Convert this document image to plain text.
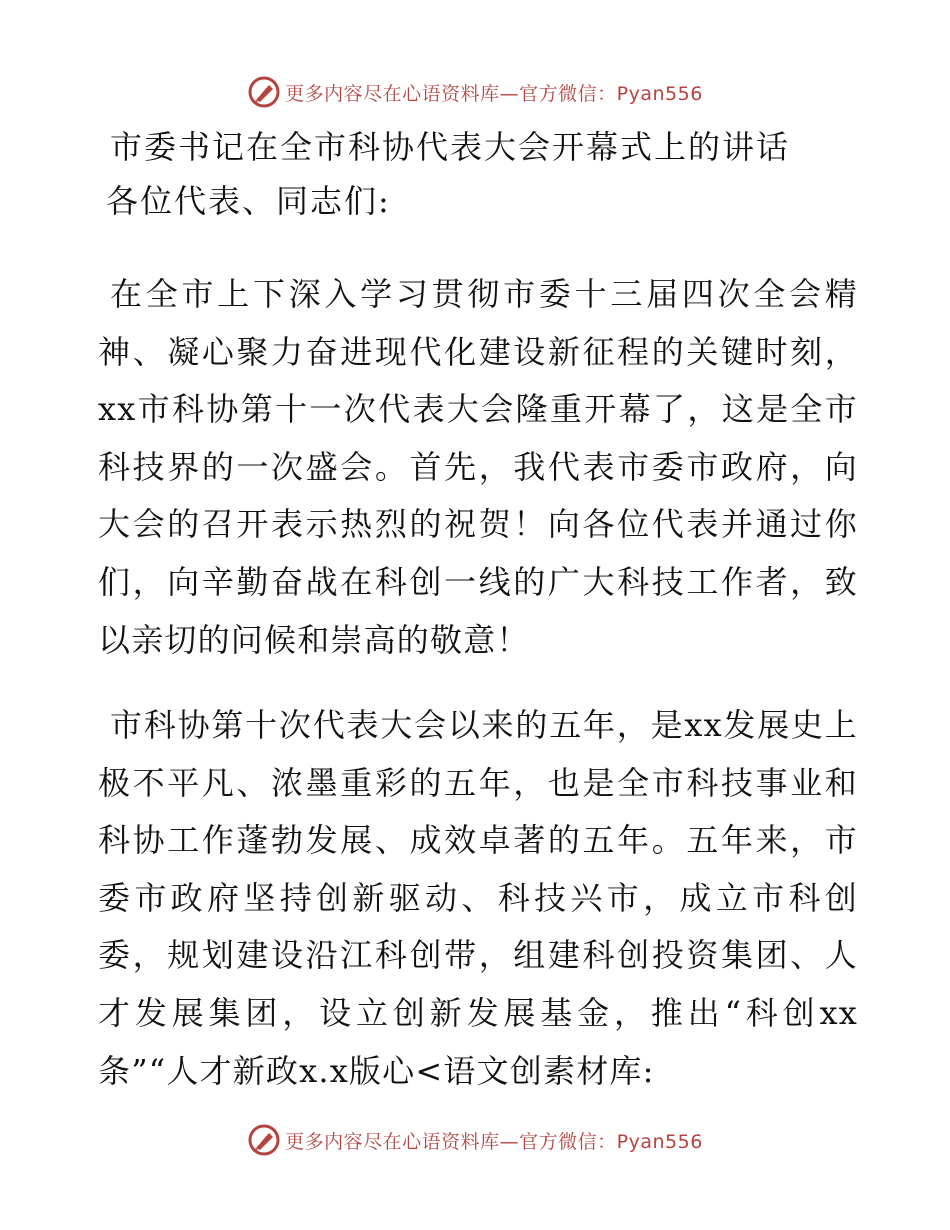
更多内容尽在心语资料库—官方微信：Pyan556
市委书记在全市科协代表大会开幕式上的讲话
各位代表、同志们:
在全市上下深入学习贯彻市委十三届四次全会精神、凝心聚力奋进现代化建设新征程的关键时刻，xx市科协第十一次代表大会隆重开幕了，这是全市科技界的一次盛会。首先，我代表市委市政府，向大会的召开表示热烈的祝贺！向各位代表并通过你们，向辛勤奋战在科创一线的广大科技工作者，致以亲切的问候和崇高的敬意！
市科协第十次代表大会以来的五年，是xx发展史上极不平凡、浓墨重彩的五年，也是全市科技事业和科协工作蓬勃发展、成效卓著的五年。五年来，市委市政府坚持创新驱动、科技兴市，成立市科创委，规划建设沿江科创带，组建科创投资集团、人才发展集团，设立创新发展基金，推出“科创xx条”“人才新政x.x版心<语文创素材库:
更多内容尽在心语资料库—官方微信：Pyan556
